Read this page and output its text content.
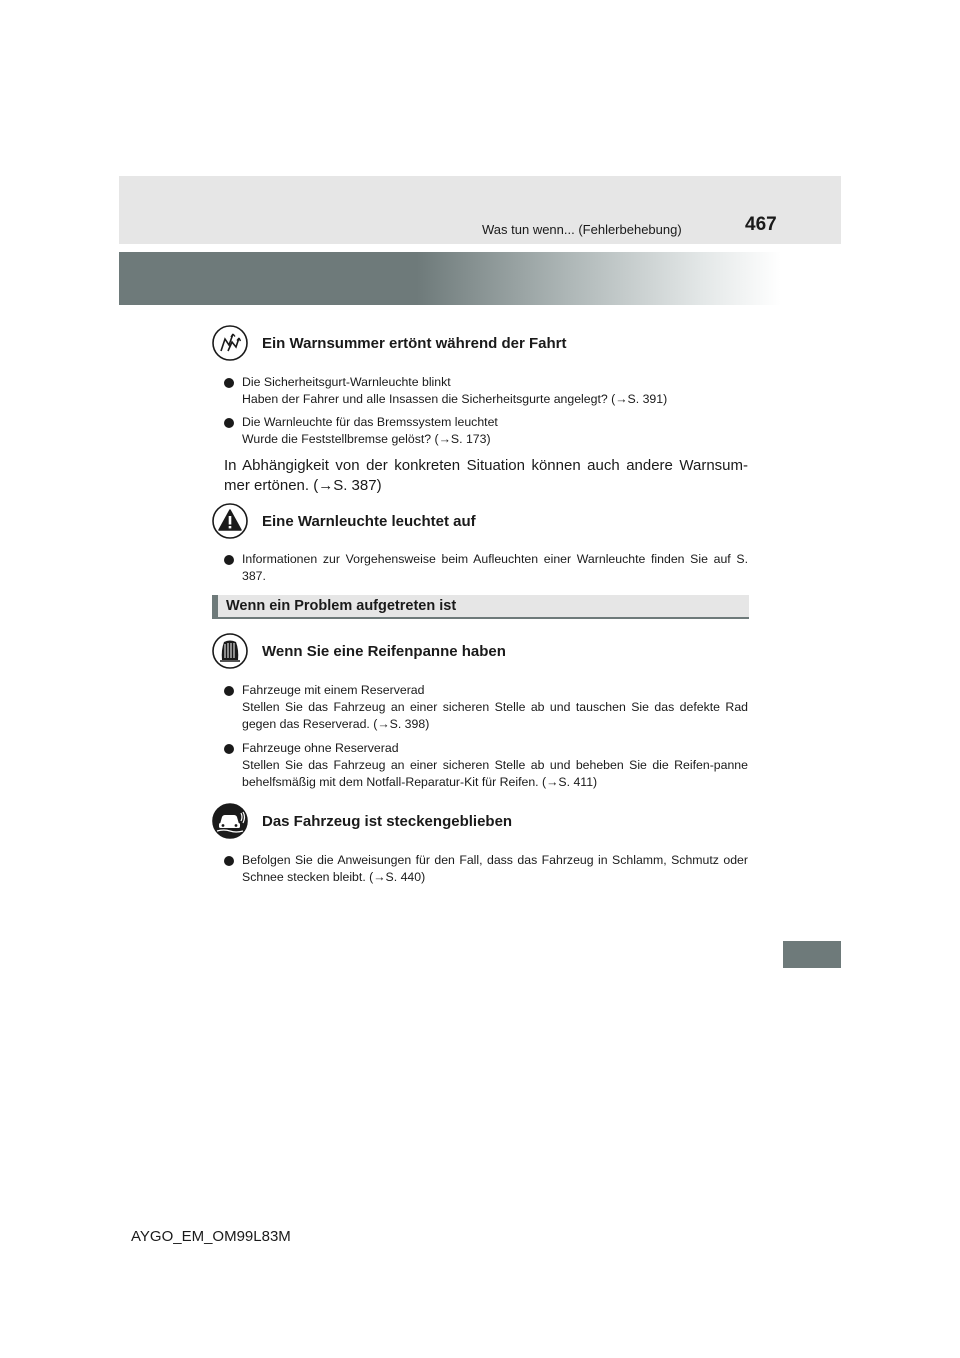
467
Was tun wenn... (Fehlerbehebung)
Ein Warnsummer ertönt während der Fahrt
Die Sicherheitsgurt-Warnleuchte blinkt
Haben der Fahrer und alle Insassen die Sicherheitsgurte angelegt? (→S. 391)
Die Warnleuchte für das Bremssystem leuchtet
Wurde die Feststellbremse gelöst? (→S. 173)
In Abhängigkeit von der konkreten Situation können auch andere Warnsum-mer ertönen. (→S. 387)
Eine Warnleuchte leuchtet auf
Informationen zur Vorgehensweise beim Aufleuchten einer Warnleuchte finden Sie auf S. 387.
Wenn ein Problem aufgetreten ist
Wenn Sie eine Reifenpanne haben
Fahrzeuge mit einem Reserverad
Stellen Sie das Fahrzeug an einer sicheren Stelle ab und tauschen Sie das defekte Rad gegen das Reserverad. (→S. 398)
Fahrzeuge ohne Reserverad
Stellen Sie das Fahrzeug an einer sicheren Stelle ab und beheben Sie die Reifen-panne behelfsmäßig mit dem Notfall-Reparatur-Kit für Reifen. (→S. 411)
Das Fahrzeug ist steckengeblieben
Befolgen Sie die Anweisungen für den Fall, dass das Fahrzeug in Schlamm, Schmutz oder Schnee stecken bleibt. (→S. 440)
AYGO_EM_OM99L83M
